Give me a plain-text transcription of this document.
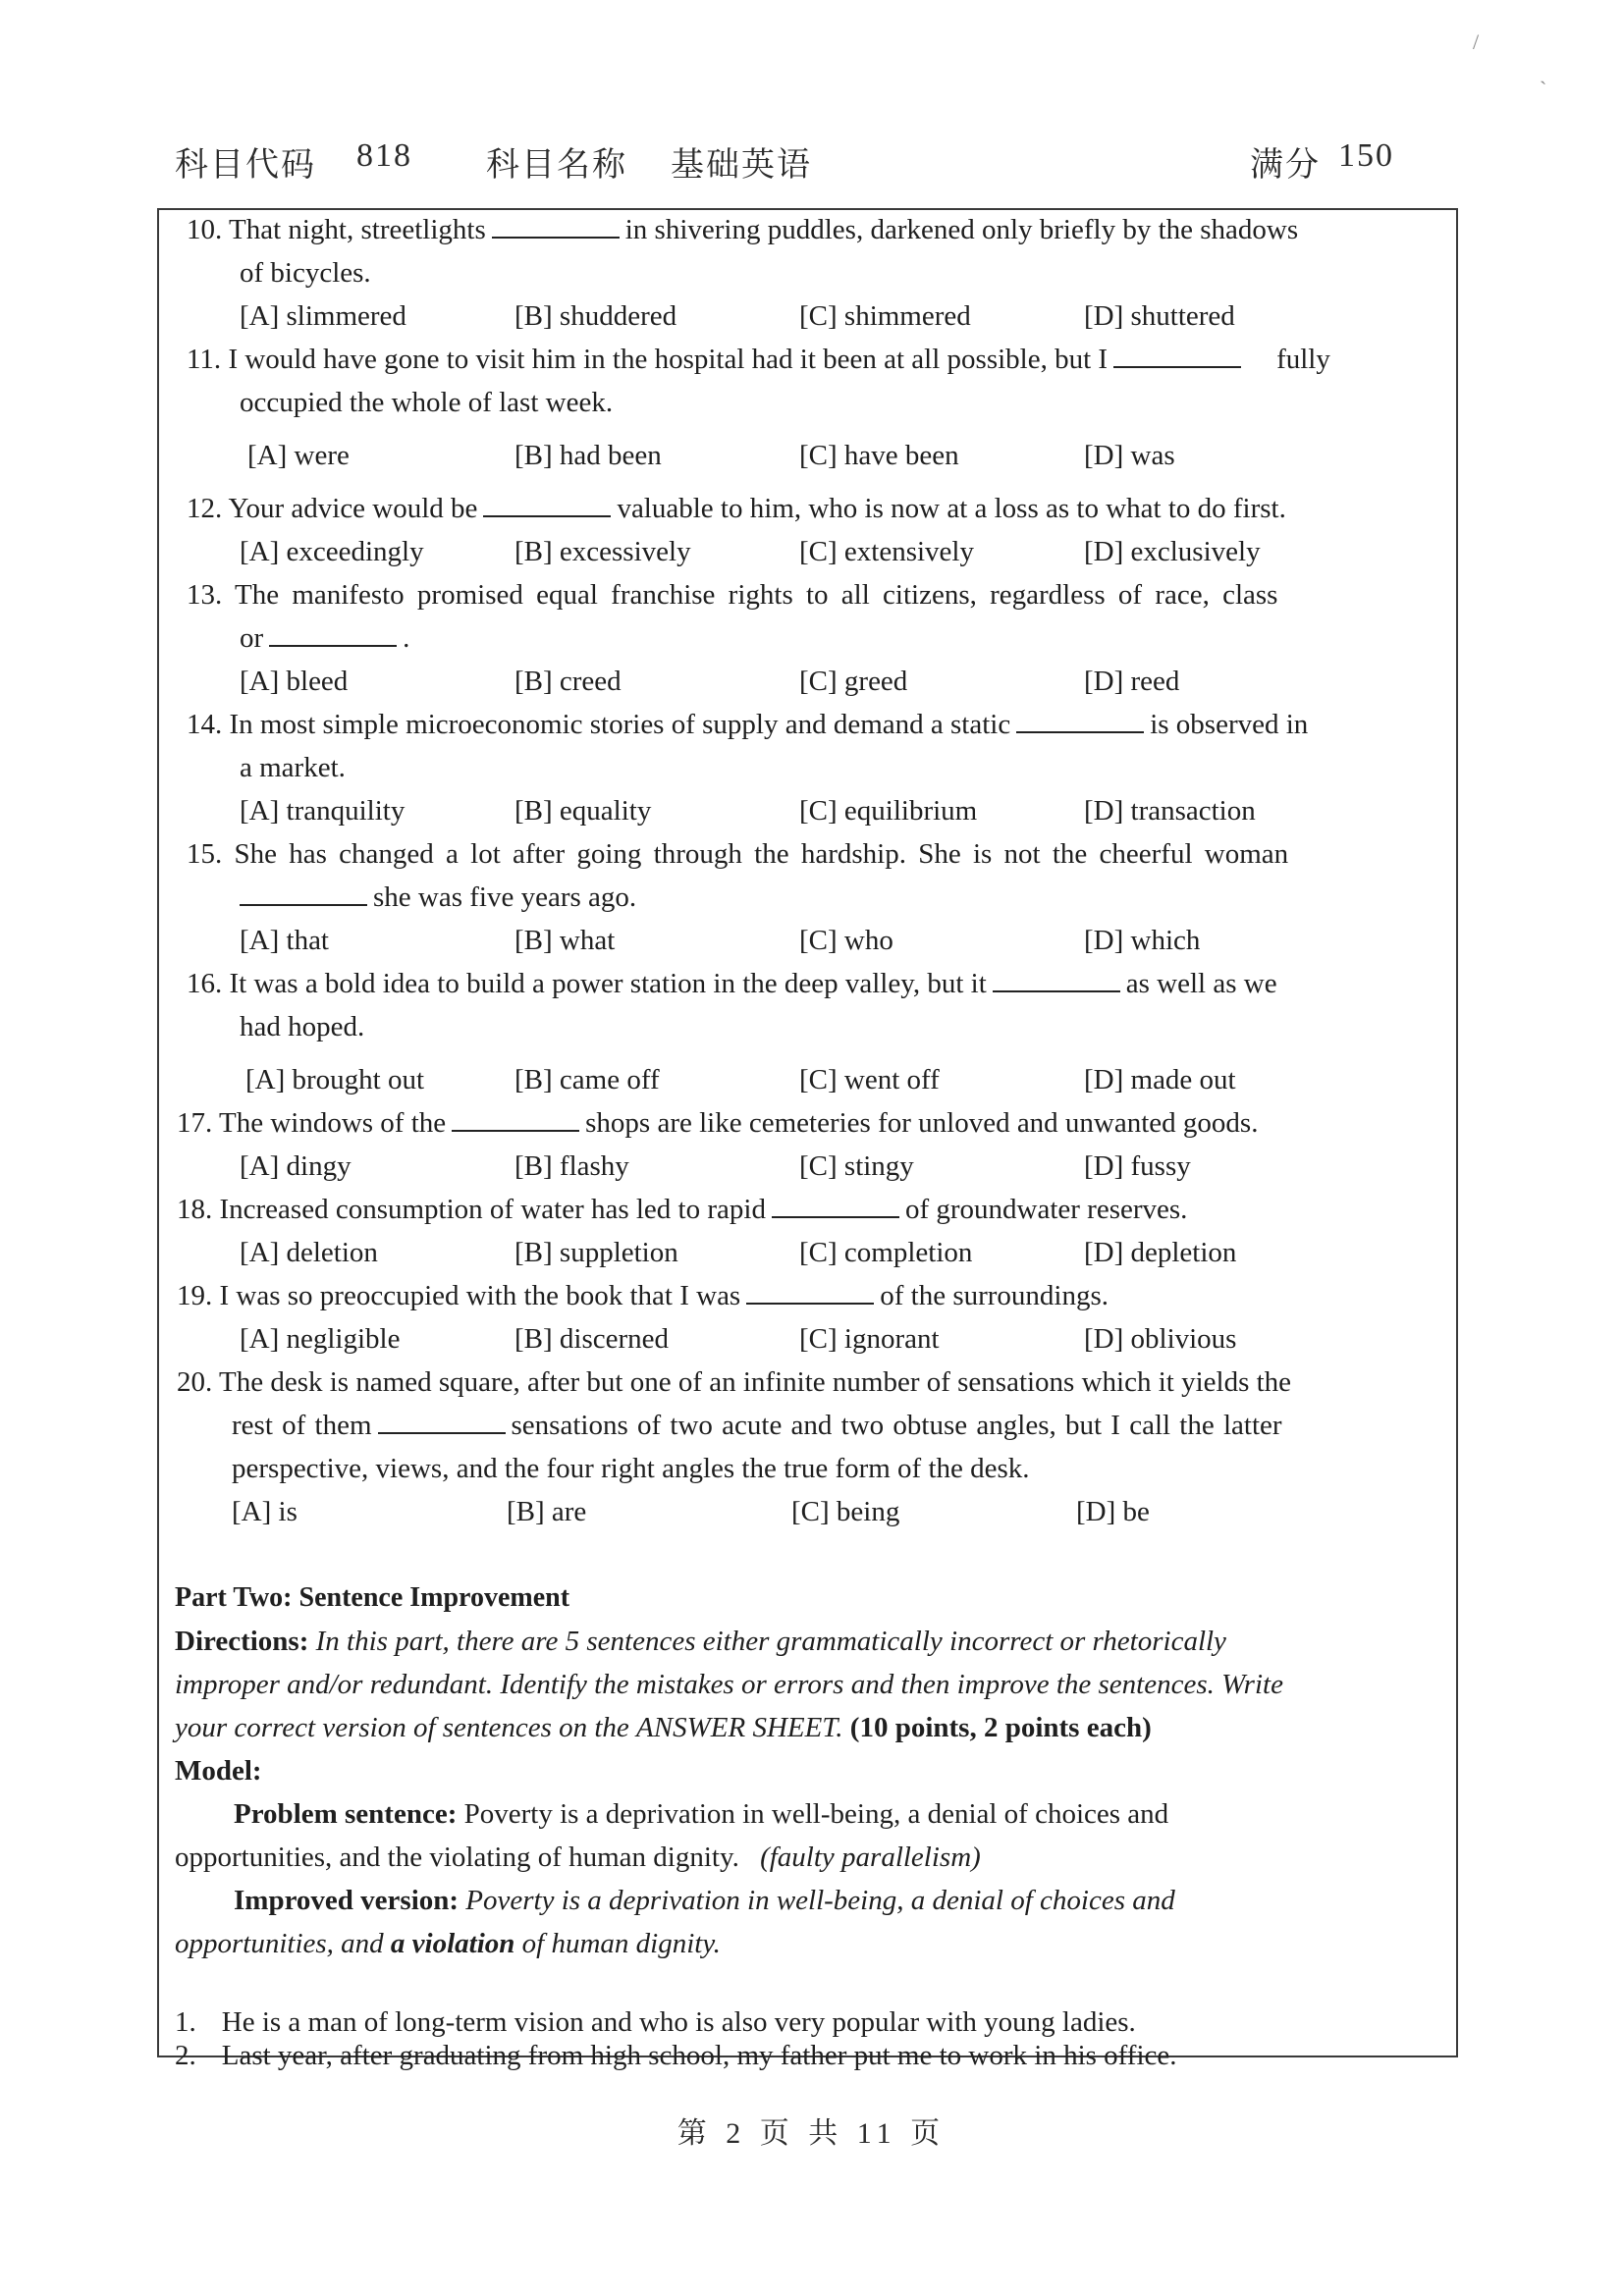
/
`
科目代码 818 科目名称 基础英语	满分 150
10. That night, streetlights	in shivering puddles, darkened only briefly by the shadows
of bicycles.
[A] slimmered	[B] shuddered	[C] shimmered	[D] shuttered
11. I would have gone to visit him in the hospital had it been at all possible, but I	fully
occupied the whole of last week.
[A] were	[B] had been	[C] have been	[D] was
12. Your advice would be	valuable to him, who is now at a loss as to what to do first.
[A] exceedingly	[B] excessively	[C] extensively	[D] exclusively
13. The manifesto promised equal franchise rights to all citizens, regardless of race, class
or	.
[A] bleed	[B] creed	[C] greed	[D] reed
14. In most simple microeconomic stories of supply and demand a static	is observed in
a market.
[A] tranquility	[B] equality	[C] equilibrium	[D] transaction
15. She has changed a lot after going through the hardship. She is not the cheerful woman
she was five years ago.
[A] that	[B] what	[C] who	[D] which
16. It was a bold idea to build a power station in the deep valley, but it	as well as we
had hoped.
[A] brought out	[B] came off	[C] went off	[D] made out
17. The windows of the	shops are like cemeteries for unloved and unwanted goods.
[A] dingy	[B] flashy	[C] stingy	[D] fussy
18. Increased consumption of water has led to rapid	of groundwater reserves.
[A] deletion	[B] suppletion	[C] completion	[D] depletion
19. I was so preoccupied with the book that I was	of the surroundings.
[A] negligible	[B] discerned	[C] ignorant	[D] oblivious
20. The desk is named square, after but one of an infinite number of sensations which it yields the
rest of them	sensations of two acute and two obtuse angles, but I call the latter
perspective, views, and the four right angles the true form of the desk.
[A] is	[B] are	[C] being	[D] be
Part Two: Sentence Improvement
Directions: In this part, there are 5 sentences either grammatically incorrect or rhetorically
improper and/or redundant. Identify the mistakes or errors and then improve the sentences. Write
your correct version of sentences on the ANSWER SHEET. (10 points, 2 points each)
Model:
Problem sentence: Poverty is a deprivation in well-being, a denial of choices and
opportunities, and the violating of human dignity. (faulty parallelism)
Improved version: Poverty is a deprivation in well-being, a denial of choices and
opportunities, and a violation of human dignity.
1. He is a man of long-term vision and who is also very popular with young ladies.
2. Last year, after graduating from high school, my father put me to work in his office.
第 2 页 共 11 页
